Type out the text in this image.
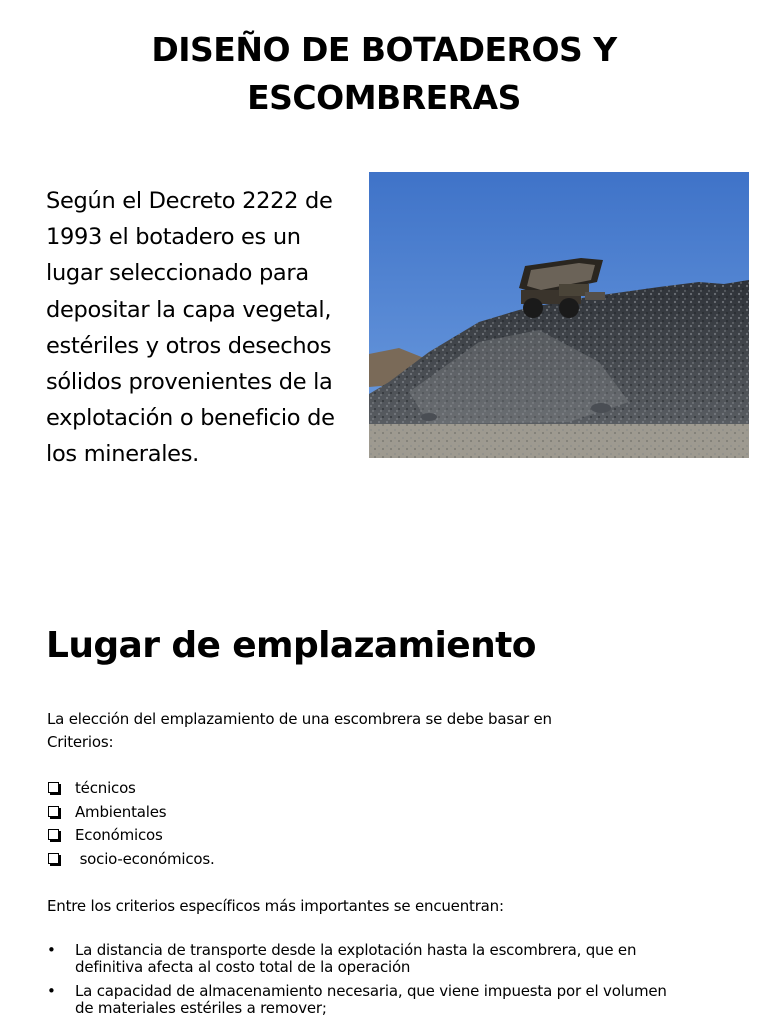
DISEÑO DE BOTADEROS Y
ESCOMBRERAS
Según el Decreto 2222 de
1993 el botadero es un
lugar seleccionado para
depositar la capa vegetal,
estériles y otros desechos
sólidos provenientes de la
explotación o beneficio de
los minerales.
Lugar de emplazamiento
La elección del emplazamiento de una escombrera se debe basar en
Criterios:
técnicos
Ambientales
Económicos
socio-económicos.
Entre los criterios específicos más importantes se encuentran:
• La distancia de transporte desde la explotación hasta la escombrera, que en
definitiva afecta al costo total de la operación
• La capacidad de almacenamiento necesaria, que viene impuesta por el volumen
de materiales estériles a remover;
